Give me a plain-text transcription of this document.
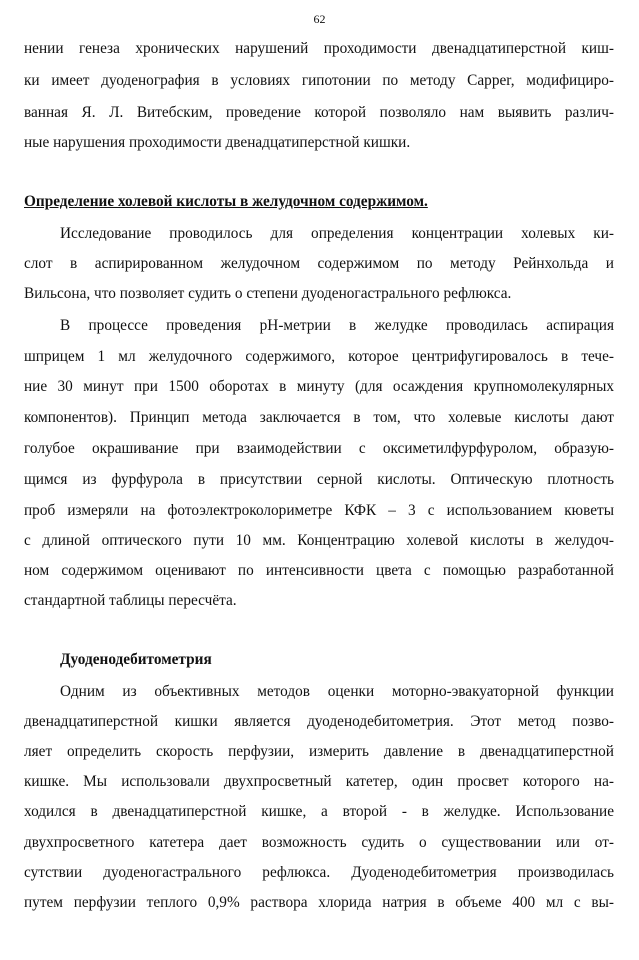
62
нении генеза хронических нарушений проходимости двенадцатиперстной киш-
ки имеет дуоденография в условиях гипотонии по методу Capper, модифициро-
ванная Я. Л. Витебским, проведение которой позволяло нам выявить различ-
ные нарушения проходимости двенадцатиперстной кишки.
Определение холевой кислоты в желудочном содержимом.
Исследование проводилось для определения концентрации холевых ки-
слот в аспирированном желудочном содержимом по методу Рейнхольда и
Вильсона, что позволяет судить о степени дуоденогастрального рефлюкса.
В процессе проведения pH-метрии в желудке проводилась аспирация
шприцем 1 мл желудочного содержимого, которое центрифугировалось в тече-
ние 30 минут при 1500 оборотах в минуту (для осаждения крупномолекулярных
компонентов). Принцип метода заключается в том, что холевые кислоты дают
голубое окрашивание при взаимодействии с оксиметилфурфуролом, образую-
щимся из фурфурола в присутствии серной кислоты. Оптическую плотность
проб измеряли на фотоэлектроколориметре КФК – 3 с использованием кюветы
с длиной оптического пути 10 мм. Концентрацию холевой кислоты в желудоч-
ном содержимом оценивают по интенсивности цвета с помощью разработанной
стандартной таблицы пересчёта.
Дуоденодебитометрия
Одним из объективных методов оценки моторно-эвакуаторной функции
двенадцатиперстной кишки является дуоденодебитометрия. Этот метод позво-
ляет определить скорость перфузии, измерить давление в двенадцатиперстной
кишке. Мы использовали двухпросветный катетер, один просвет которого на-
ходился в двенадцатиперстной кишке, а второй - в желудке. Использование
двухпросветного катетера дает возможность судить о существовании или от-
сутствии дуоденогастрального рефлюкса. Дуоденодебитометрия производилась
путем перфузии теплого 0,9% раствора хлорида натрия в объеме 400 мл с вы-
